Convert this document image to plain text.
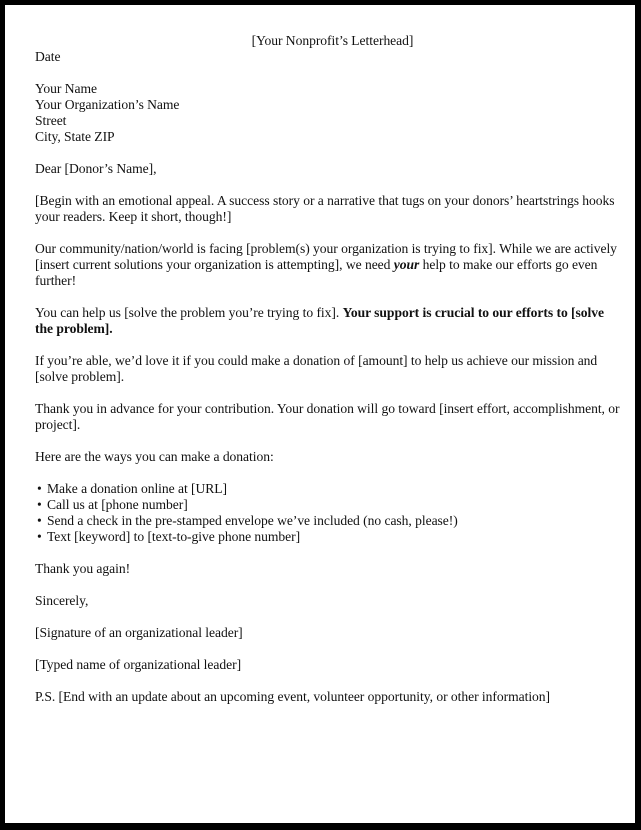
[Your Nonprofit’s Letterhead]
Date

Your Name
Your Organization’s Name
Street
City, State ZIP

Dear [Donor’s Name],

[Begin with an emotional appeal. A success story or a narrative that tugs on your donors’ heartstrings hooks your readers. Keep it short, though!]

Our community/nation/world is facing [problem(s) your organization is trying to fix]. While we are actively [insert current solutions your organization is attempting], we need your help to make our efforts go even further!

You can help us [solve the problem you’re trying to fix]. Your support is crucial to our efforts to [solve the problem].

If you’re able, we’d love it if you could make a donation of [amount] to help us achieve our mission and [solve problem].

Thank you in advance for your contribution. Your donation will go toward [insert effort, accomplishment, or project].

Here are the ways you can make a donation:

• Make a donation online at [URL]
• Call us at [phone number]
• Send a check in the pre-stamped envelope we’ve included (no cash, please!)
• Text [keyword] to [text-to-give phone number]

Thank you again!

Sincerely,

[Signature of an organizational leader]

[Typed name of organizational leader]

P.S. [End with an update about an upcoming event, volunteer opportunity, or other information]
